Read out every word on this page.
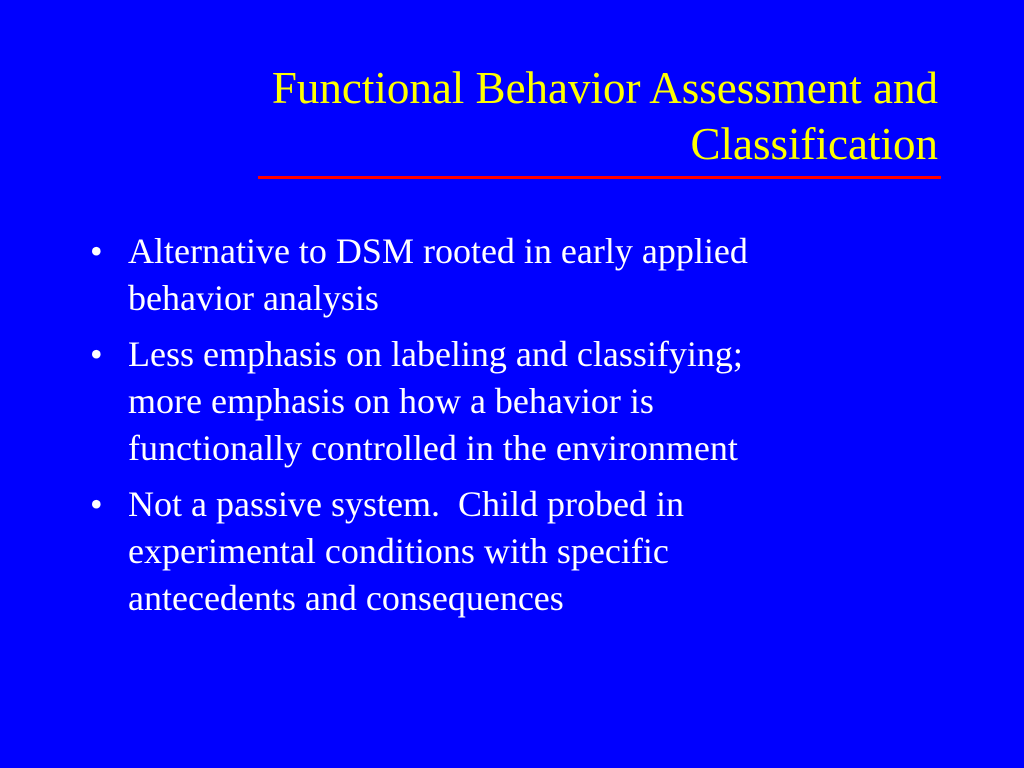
Functional Behavior Assessment and
Classification
• Alternative to DSM rooted in early applied
behavior analysis
• Less emphasis on labeling and classifying;
more emphasis on how a behavior is
functionally controlled in the environment
• Not a passive system.  Child probed in
experimental conditions with specific
antecedents and consequences
